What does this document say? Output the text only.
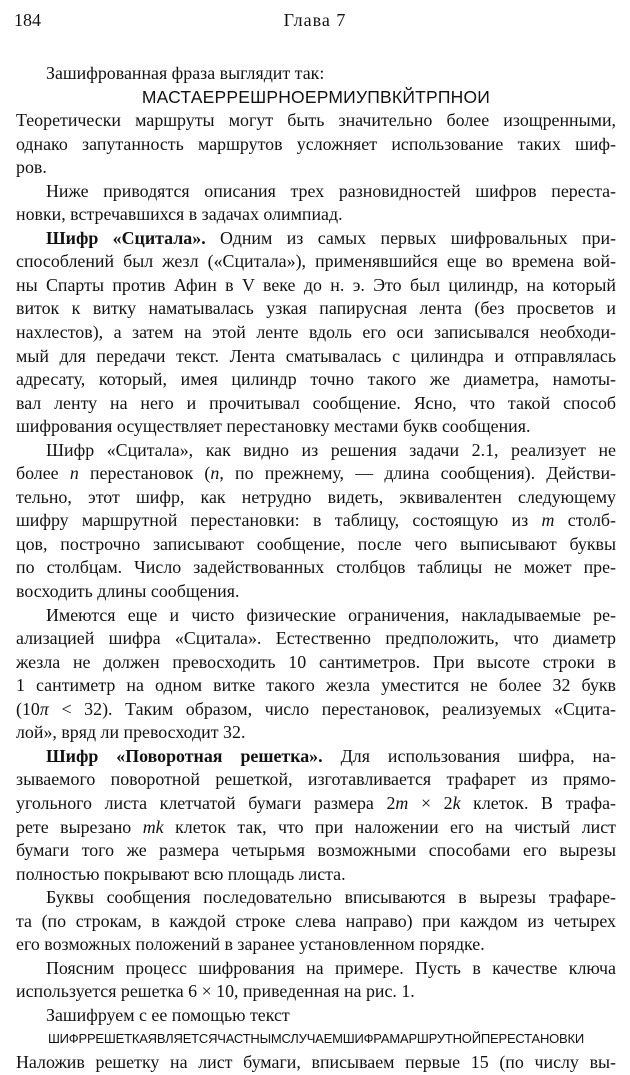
184	Глава 7
Зашифрованная фраза выглядит так:
МАСТАЕРРЕШРНОЕРМИУПВКЙТРПНОИ
Теоретически маршруты могут быть значительно более изощренными,
однако запутанность маршрутов усложняет использование таких шиф-
ров.
Ниже приводятся описания трех разновидностей шифров переста-
новки, встречавшихся в задачах олимпиад.
Шифр «Сцитала». Одним из самых первых шифровальных при-
способлений был жезл («Сцитала»), применявшийся еще во времена вой-
ны Спарты против Афин в V веке до н. э. Это был цилиндр, на который
виток к витку наматывалась узкая папирусная лента (без просветов и
нахлестов), а затем на этой ленте вдоль его оси записывался необходи-
мый для передачи текст. Лента сматывалась с цилиндра и отправлялась
адресату, который, имея цилиндр точно такого же диаметра, намоты-
вал ленту на него и прочитывал сообщение. Ясно, что такой способ
шифрования осуществляет перестановку местами букв сообщения.
Шифр «Сцитала», как видно из решения задачи 2.1, реализует не
более n перестановок (n, по прежнему, — длина сообщения). Действи-
тельно, этот шифр, как нетрудно видеть, эквивалентен следующему
шифру маршрутной перестановки: в таблицу, состоящую из m столб-
цов, построчно записывают сообщение, после чего выписывают буквы
по столбцам. Число задействованных столбцов таблицы не может пре-
восходить длины сообщения.
Имеются еще и чисто физические ограничения, накладываемые ре-
ализацией шифра «Сцитала». Естественно предположить, что диаметр
жезла не должен превосходить 10 сантиметров. При высоте строки в
1 сантиметр на одном витке такого жезла уместится не более 32 букв
(10π < 32). Таким образом, число перестановок, реализуемых «Сцита-
лой», вряд ли превосходит 32.
Шифр «Поворотная решетка». Для использования шифра, на-
зываемого поворотной решеткой, изготавливается трафарет из прямо-
угольного листа клетчатой бумаги размера 2m × 2k клеток. В трафа-
рете вырезано mk клеток так, что при наложении его на чистый лист
бумаги того же размера четырьмя возможными способами его вырезы
полностью покрывают всю площадь листа.
Буквы сообщения последовательно вписываются в вырезы трафаре-
та (по строкам, в каждой строке слева направо) при каждом из четырех
его возможных положений в заранее установленном порядке.
Поясним процесс шифрования на примере. Пусть в качестве ключа
используется решетка 6 × 10, приведенная на рис. 1.
Зашифруем с ее помощью текст
ШИФРРЕШЕТКАЯВЛЯЕТСЯЧАСТНЫМСЛУЧАЕМШИФРАМАРШРУТНОЙПЕРЕСТАНОВКИ
Наложив решетку на лист бумаги, вписываем первые 15 (по числу вы-
